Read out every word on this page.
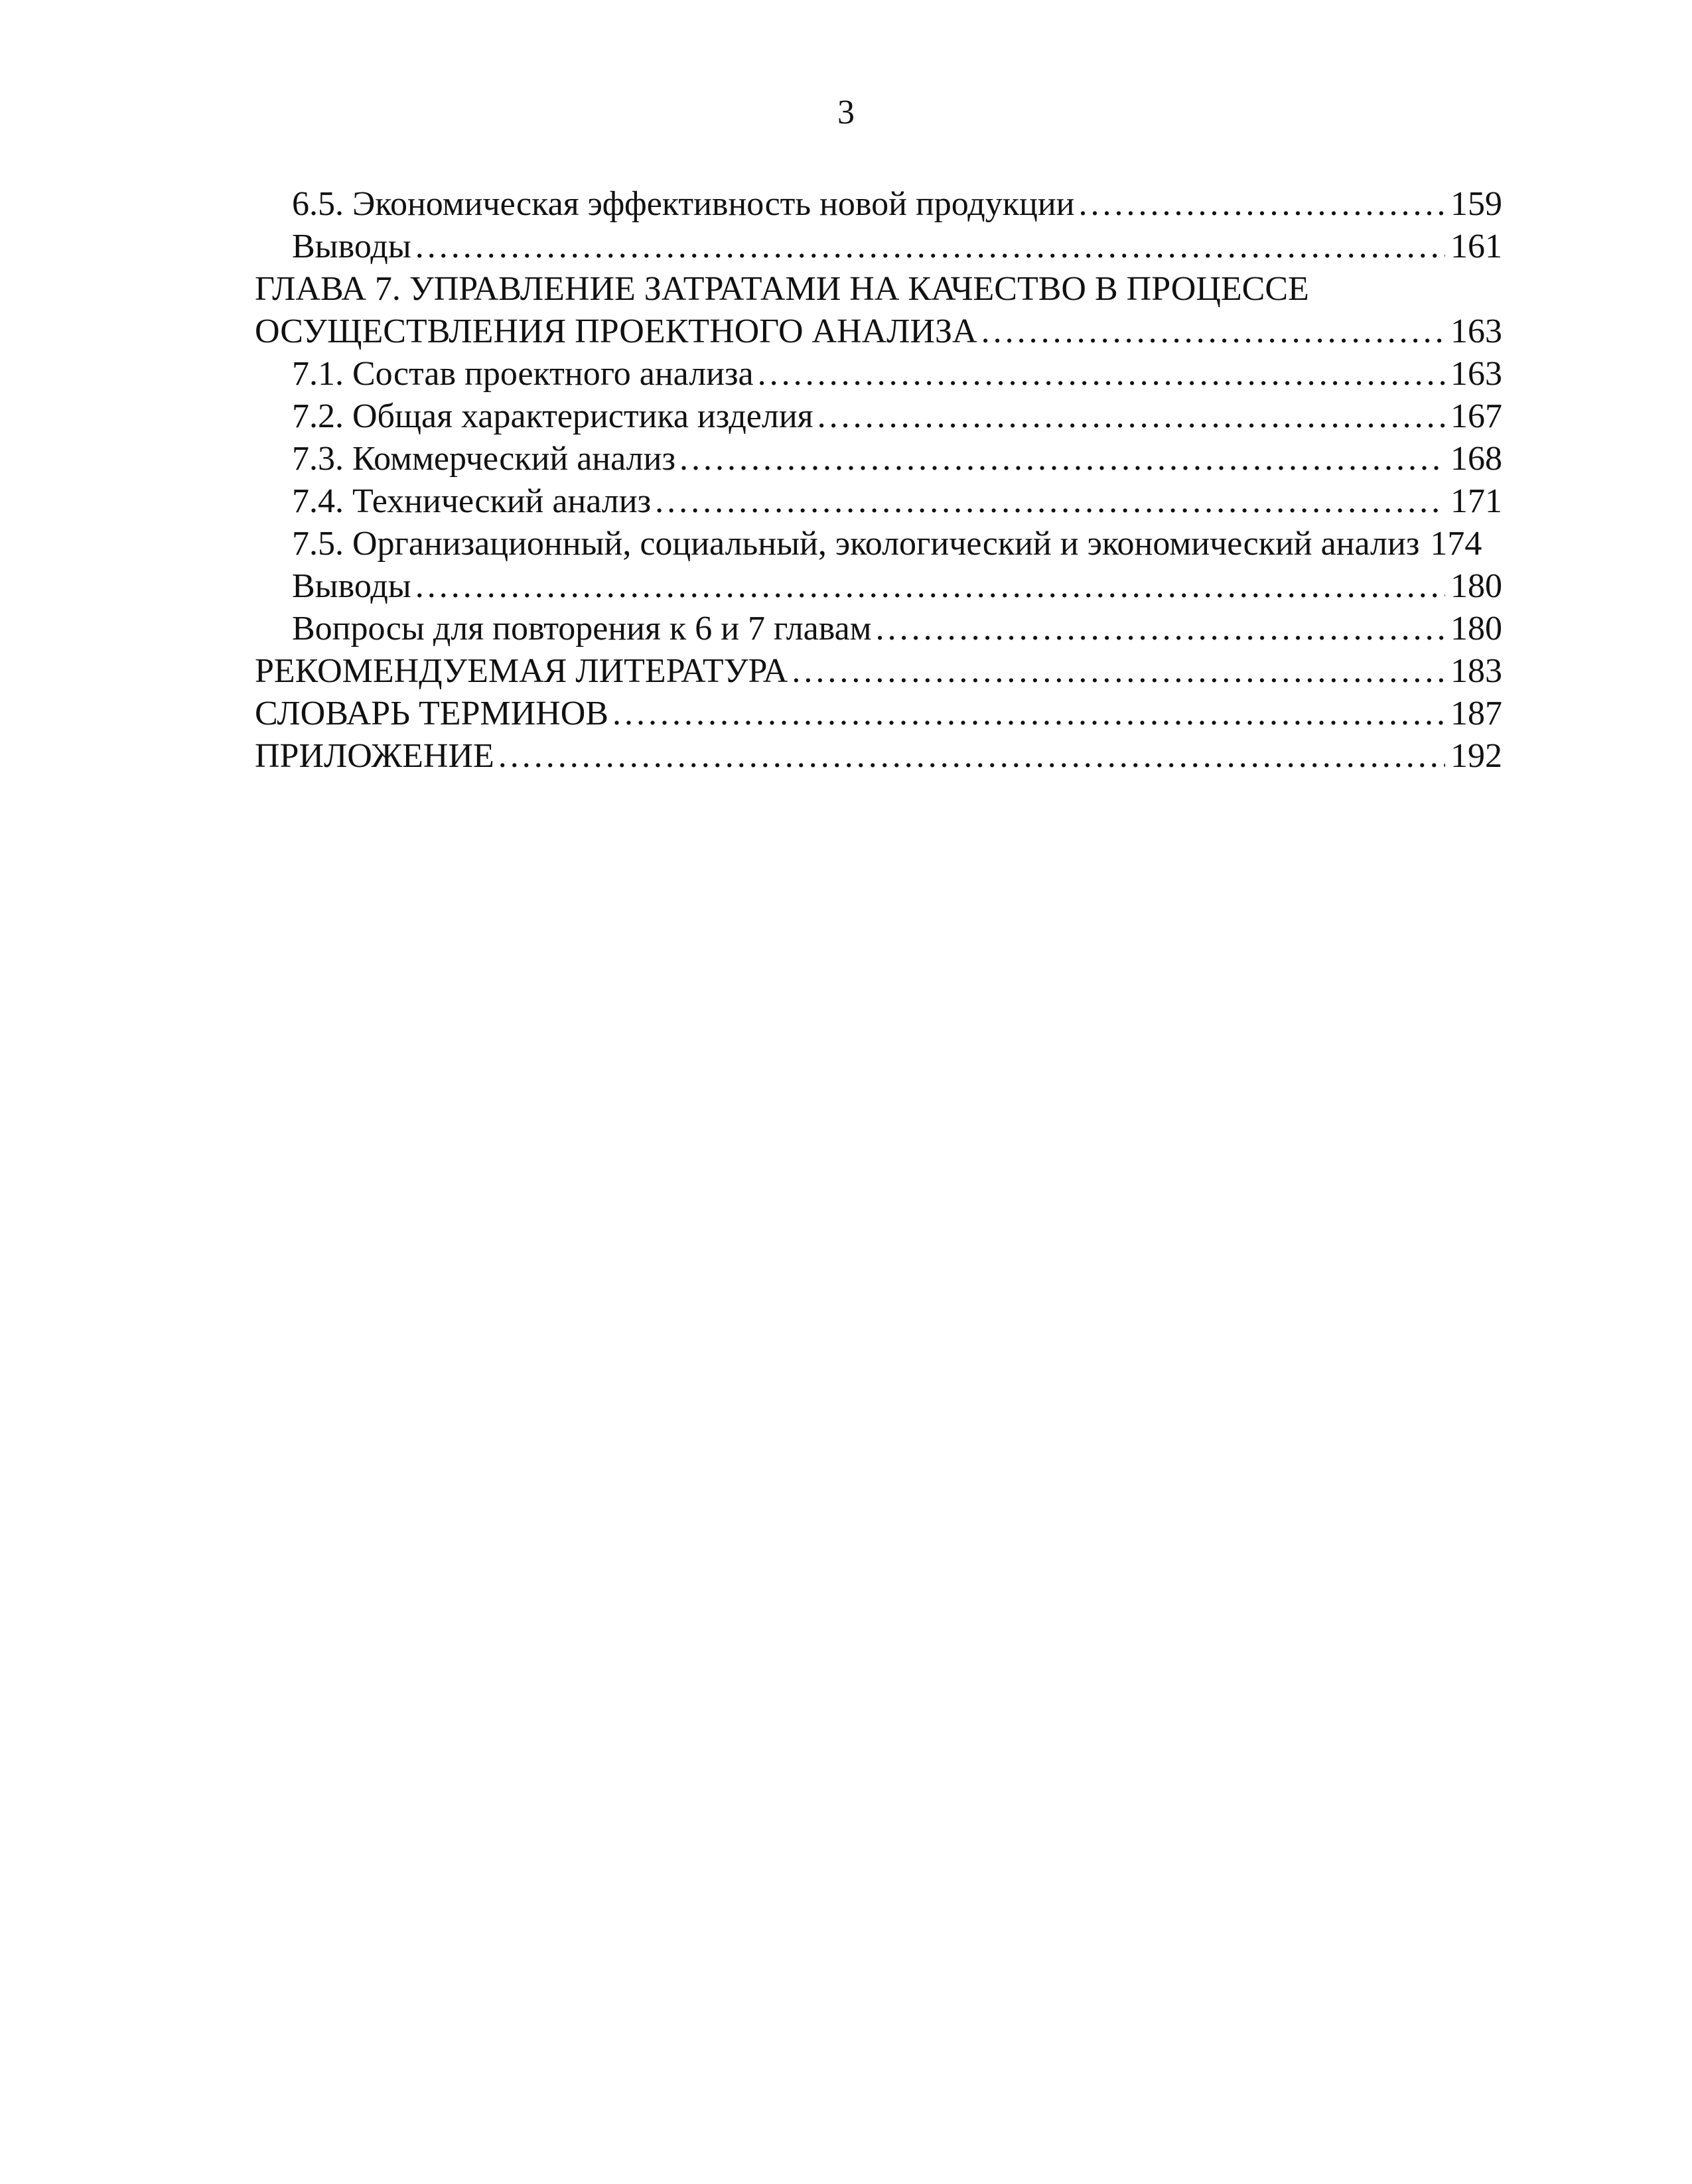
3
6.5. Экономическая эффективность новой продукции . . .	159
Выводы . . .	161
ГЛАВА 7. УПРАВЛЕНИЕ ЗАТРАТАМИ НА КАЧЕСТВО В ПРОЦЕССЕ
ОСУЩЕСТВЛЕНИЯ ПРОЕКТНОГО АНАЛИЗА . . .	163
7.1. Состав проектного анализа . . .	163
7.2. Общая характеристика изделия . . .	167
7.3. Коммерческий анализ . . .	168
7.4. Технический анализ . . .	171
7.5. Организационный, социальный, экологический и экономический анализ 174
Выводы . . .	180
Вопросы для повторения к 6 и 7 главам . . .	180
РЕКОМЕНДУЕМАЯ ЛИТЕРАТУРА . . .	183
СЛОВАРЬ ТЕРМИНОВ . . .	187
ПРИЛОЖЕНИЕ . . .	192
